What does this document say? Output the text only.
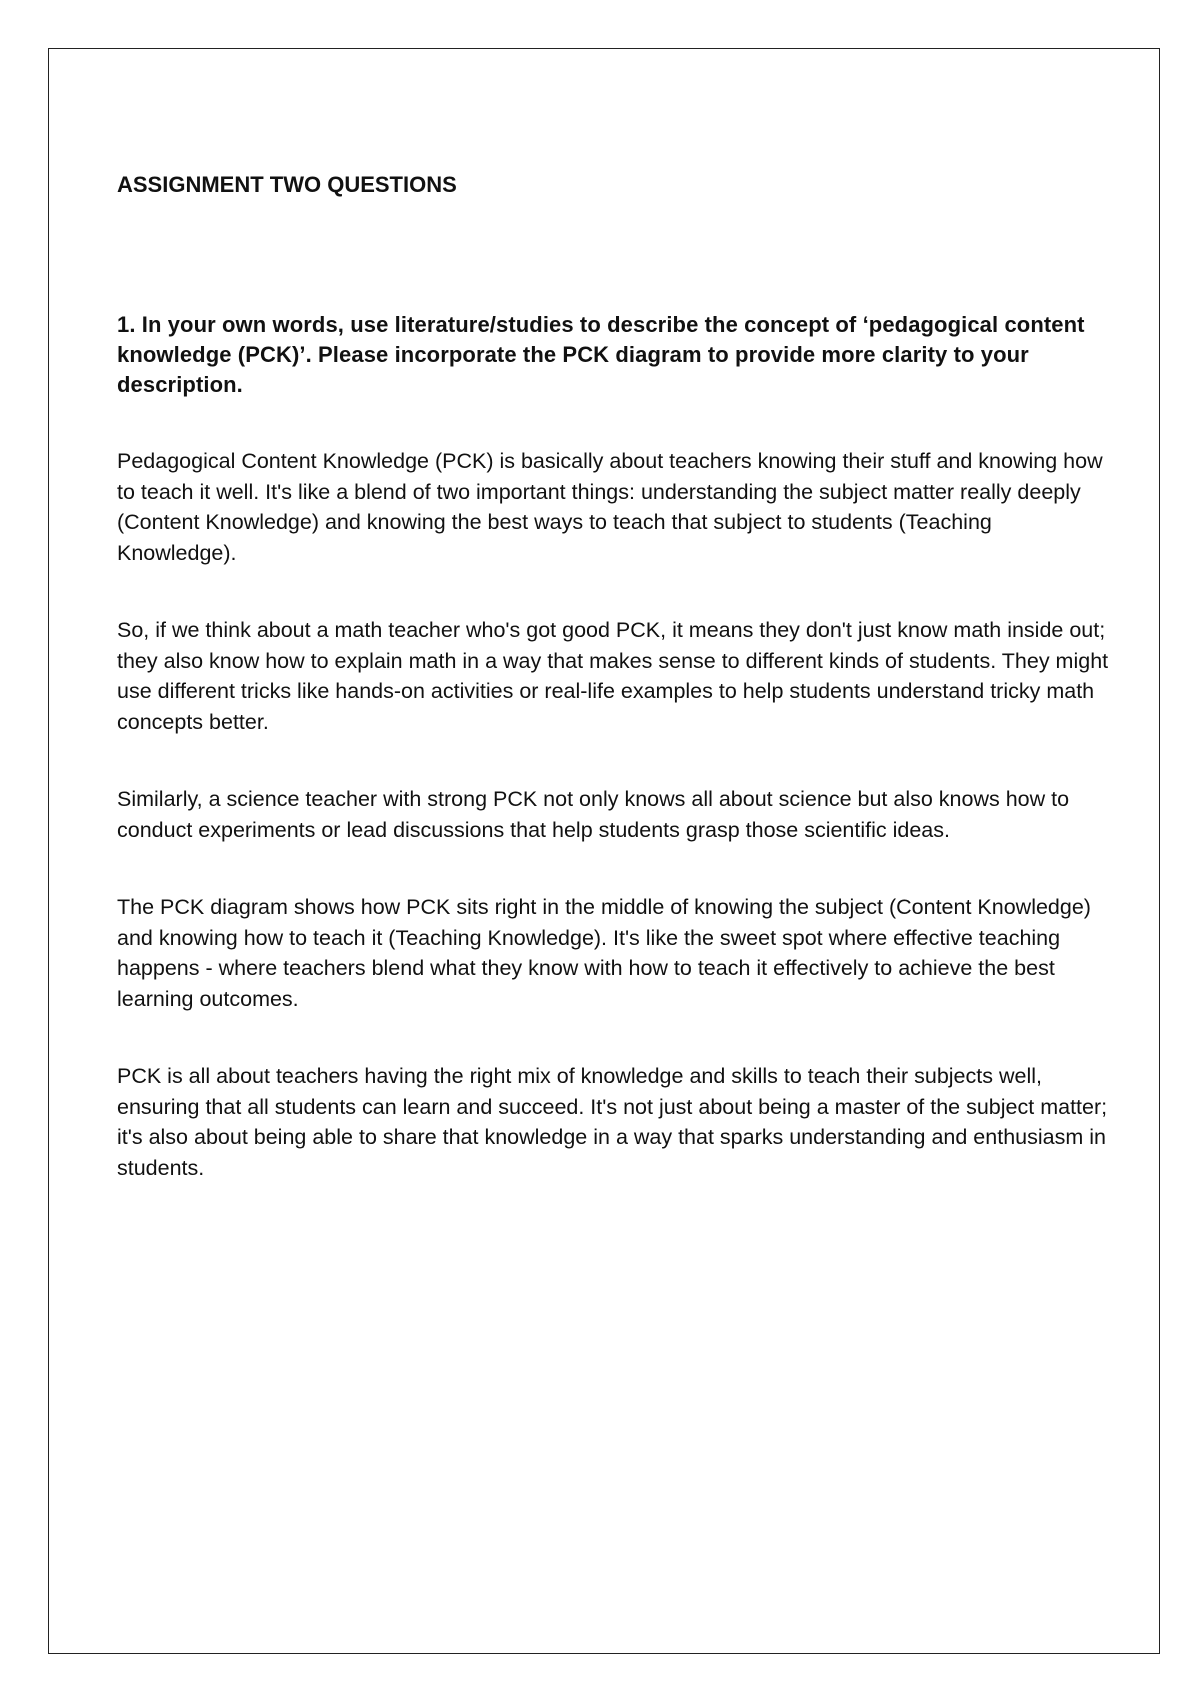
ASSIGNMENT TWO QUESTIONS

1. In your own words, use literature/studies to describe the concept of ‘pedagogical content knowledge (PCK)’. Please incorporate the PCK diagram to provide more clarity to your description.

Pedagogical Content Knowledge (PCK) is basically about teachers knowing their stuff and knowing how to teach it well. It's like a blend of two important things: understanding the subject matter really deeply (Content Knowledge) and knowing the best ways to teach that subject to students (Teaching Knowledge).

So, if we think about a math teacher who's got good PCK, it means they don't just know math inside out; they also know how to explain math in a way that makes sense to different kinds of students. They might use different tricks like hands-on activities or real-life examples to help students understand tricky math concepts better.

Similarly, a science teacher with strong PCK not only knows all about science but also knows how to conduct experiments or lead discussions that help students grasp those scientific ideas.

The PCK diagram shows how PCK sits right in the middle of knowing the subject (Content Knowledge) and knowing how to teach it (Teaching Knowledge). It's like the sweet spot where effective teaching happens - where teachers blend what they know with how to teach it effectively to achieve the best learning outcomes.

PCK is all about teachers having the right mix of knowledge and skills to teach their subjects well, ensuring that all students can learn and succeed. It's not just about being a master of the subject matter; it's also about being able to share that knowledge in a way that sparks understanding and enthusiasm in students.
